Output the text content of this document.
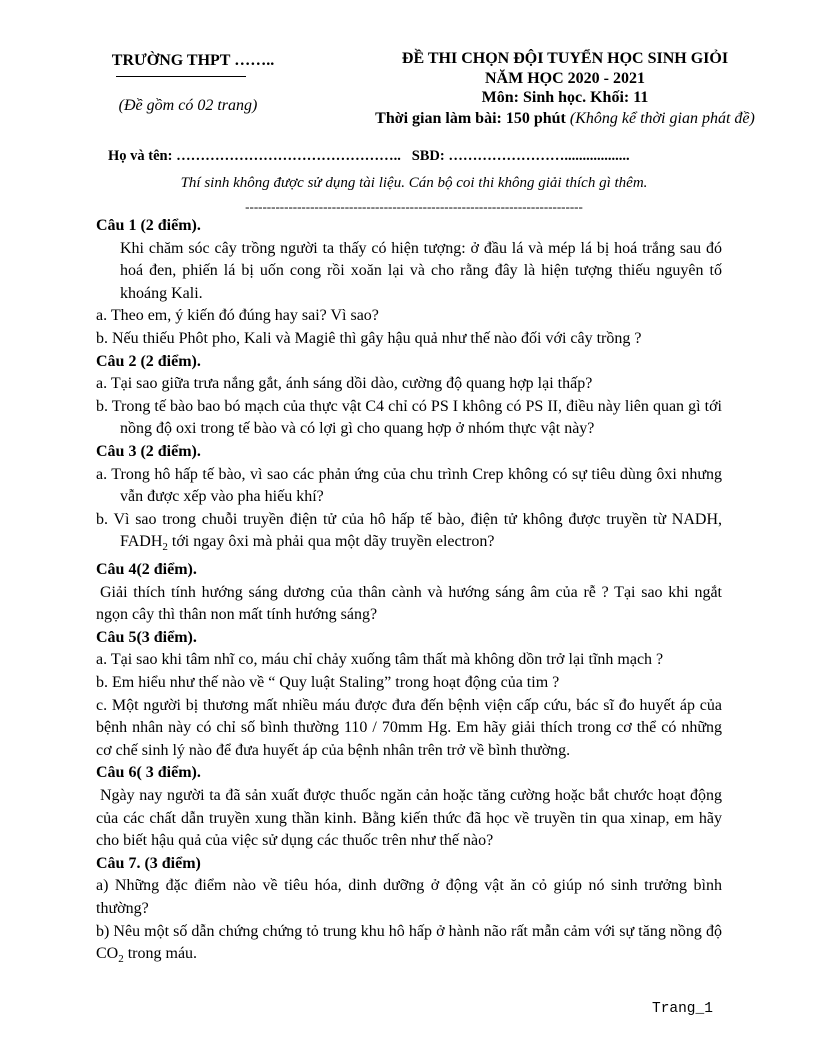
TRƯỜNG THPT ……..
(Đề gồm có 02 trang)
ĐỀ THI CHỌN ĐỘI TUYỂN HỌC SINH GIỎI
NĂM HỌC 2020 - 2021
Môn: Sinh học. Khối: 11
Thời gian làm bài: 150 phút (Không kể thời gian phát đề)
Họ và tên: ……………………………………….. SBD: ……………………..................
Thí sinh không được sử dụng tài liệu. Cán bộ coi thi không giải thích gì thêm.
------------------------------------------------------------------------------

Câu 1 (2 điểm).

Khi chăm sóc cây trồng người ta thấy có hiện tượng: ở đầu lá và mép lá bị hoá trắng sau đó hoá đen, phiến lá bị uốn cong rồi xoăn lại và cho rằng đây là hiện tượng thiếu nguyên tố khoáng Kali.

a. Theo em, ý kiến đó đúng hay sai? Vì sao?

b. Nếu thiếu Phôt pho, Kali và Magiê thì gây hậu quả như thế nào đối với cây trồng ?

Câu 2 (2 điểm).

a. Tại sao giữa trưa nắng gắt, ánh sáng dồi dào, cường độ quang hợp lại thấp?

b. Trong tế bào bao bó mạch của thực vật C4 chỉ có PS I không có PS II, điều này liên quan gì tới nồng độ oxi trong tế bào và có lợi gì cho quang hợp ở nhóm thực vật này?

Câu 3 (2 điểm).

a. Trong hô hấp tế bào, vì sao các phản ứng của chu trình Crep không có sự tiêu dùng ôxi nhưng vẫn được xếp vào pha hiếu khí?

b. Vì sao trong chuỗi truyền điện tử của hô hấp tế bào, điện tử không được truyền từ NADH, $FADH_2$ tới ngay ôxi mà phải qua một dãy truyền electron?

Câu 4(2 điểm).

Giải thích tính hướng sáng dương của thân cành và hướng sáng âm của rễ ? Tại sao khi ngắt ngọn cây thì thân non mất tính hướng sáng?

Câu 5(3 điểm).

a. Tại sao khi tâm nhĩ co, máu chỉ chảy xuống tâm thất mà không dồn trở lại tĩnh mạch ?

b. Em hiểu như thế nào về “ Quy luật Staling” trong hoạt động của tim ?

c. Một người bị thương mất nhiều máu được đưa đến bệnh viện cấp cứu, bác sĩ đo huyết áp của bệnh nhân này có chỉ số bình thường 110 / 70mm Hg. Em hãy giải thích trong cơ thể có những cơ chế sinh lý nào để đưa huyết áp của bệnh nhân trên trở về bình thường.

Câu 6( 3 điểm).

Ngày nay người ta đã sản xuất được thuốc ngăn cản hoặc tăng cường hoặc bắt chước hoạt động của các chất dẫn truyền xung thần kinh. Bằng kiến thức đã học về truyền tin qua xinap, em hãy cho biết hậu quả của việc sử dụng các thuốc trên như thế nào?

Câu 7. (3 điểm)

a) Những đặc điểm nào về tiêu hóa, dinh dưỡng ở động vật ăn cỏ giúp nó sinh trưởng bình thường?

b) Nêu một số dẫn chứng chứng tỏ trung khu hô hấp ở hành não rất mẫn cảm với sự tăng nồng độ $CO_2$ trong máu.

Trang_1
